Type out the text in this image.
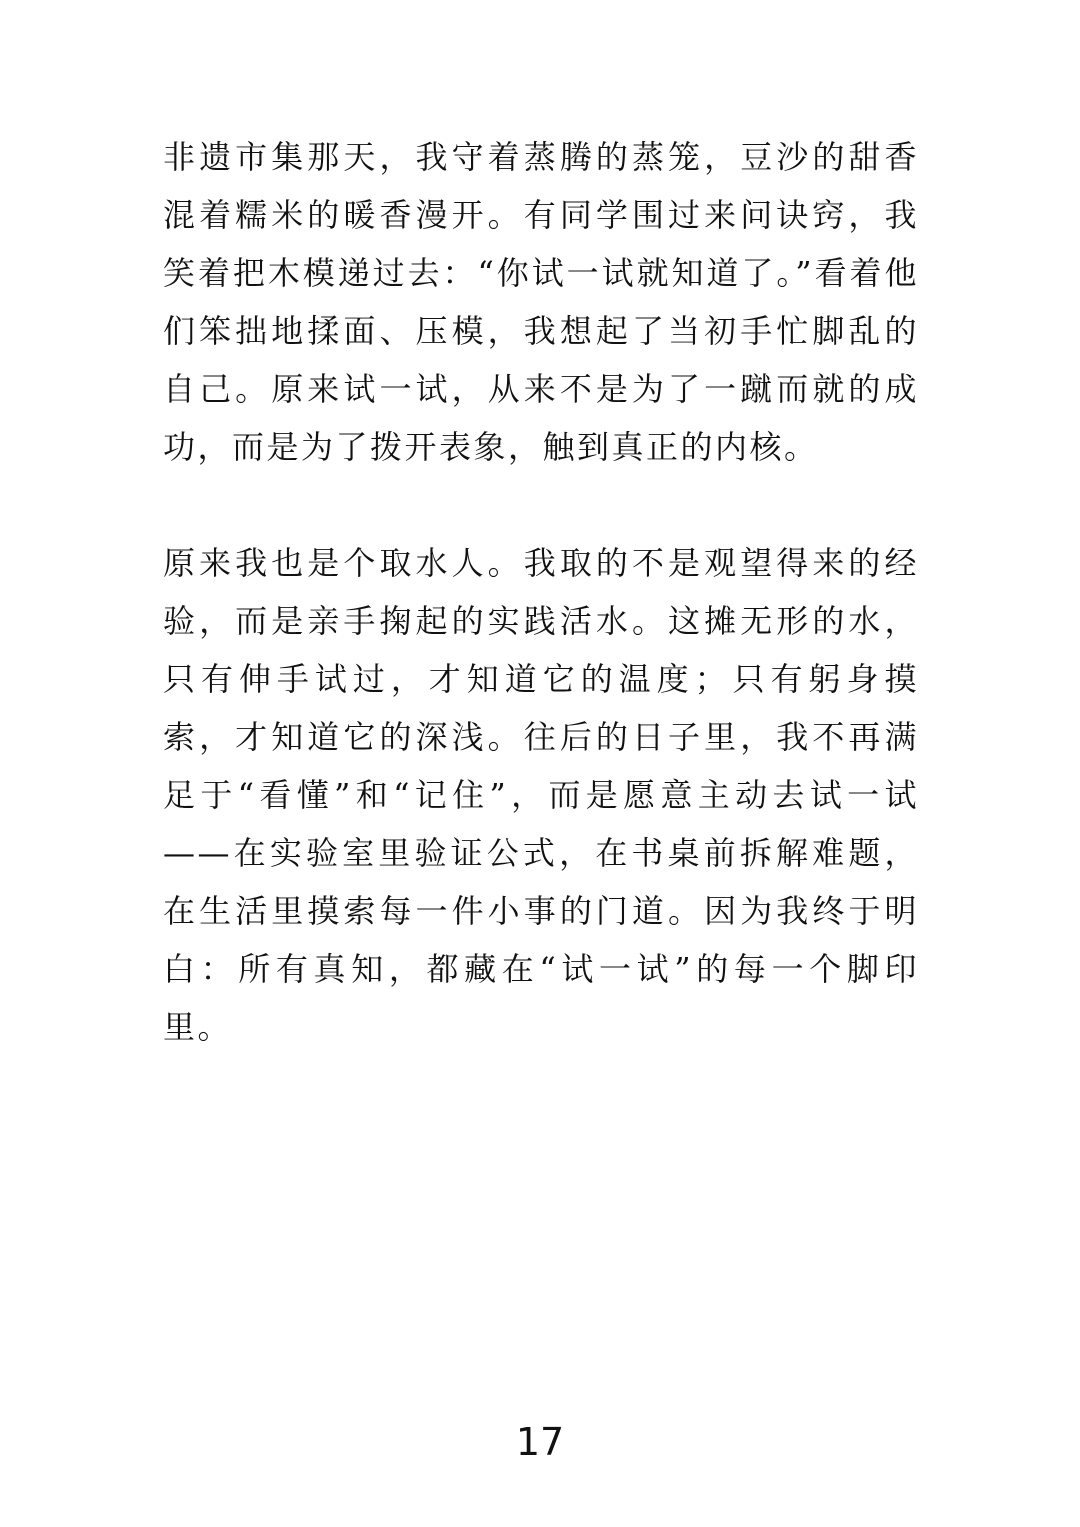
非遗市集那天，我守着蒸腾的蒸笼，豆沙的甜香混着糯米的暖香漫开。有同学围过来问诀窍，我笑着把木模递过去：“你试一试就知道了。”看着他们笨拙地揉面、压模，我想起了当初手忙脚乱的自己。原来试一试，从来不是为了一蹴而就的成功，而是为了拨开表象，触到真正的内核。

原来我也是个取水人。我取的不是观望得来的经验，而是亲手掬起的实践活水。这摊无形的水，只有伸手试过，才知道它的温度；只有躬身摸索，才知道它的深浅。往后的日子里，我不再满足于“看懂”和“记住”，而是愿意主动去试一试——在实验室里验证公式，在书桌前拆解难题，在生活里摸索每一件小事的门道。因为我终于明白：所有真知，都藏在“试一试”的每一个脚印里。

17
